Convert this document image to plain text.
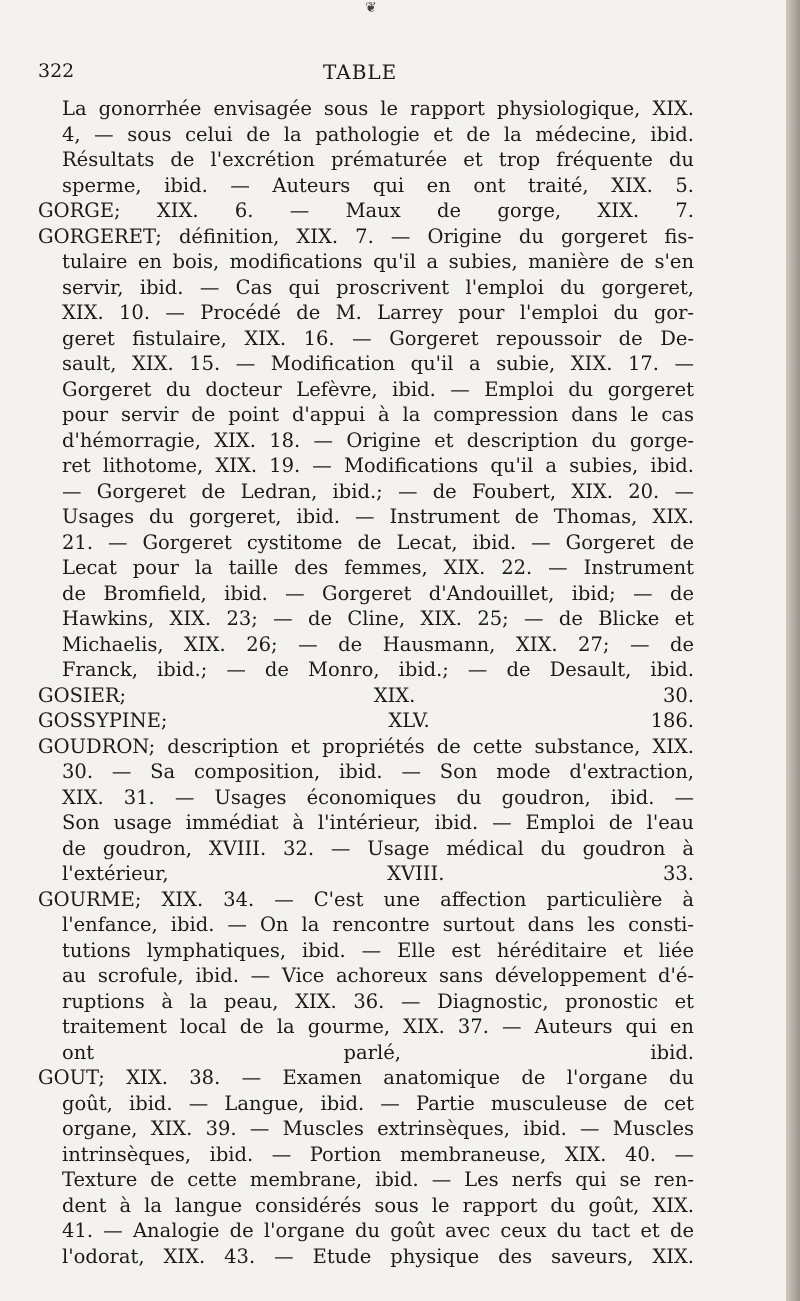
❦
322	TABLE
La gonorrhée envisagée sous le rapport physiologique, XIX.
4, — sous celui de la pathologie et de la médecine, ibid.
Résultats de l'excrétion prématurée et trop fréquente du
sperme, ibid. — Auteurs qui en ont traité, XIX. 5.
GORGE; XIX. 6. — Maux de gorge, XIX. 7.
GORGERET; définition, XIX. 7. — Origine du gorgeret fis-
tulaire en bois, modifications qu'il a subies, manière de s'en
servir, ibid. — Cas qui proscrivent l'emploi du gorgeret,
XIX. 10. — Procédé de M. Larrey pour l'emploi du gor-
geret fistulaire, XIX. 16. — Gorgeret repoussoir de De-
sault, XIX. 15. — Modification qu'il a subie, XIX. 17. —
Gorgeret du docteur Lefèvre, ibid. — Emploi du gorgeret
pour servir de point d'appui à la compression dans le cas
d'hémorragie, XIX. 18. — Origine et description du gorge-
ret lithotome, XIX. 19. — Modifications qu'il a subies, ibid.
— Gorgeret de Ledran, ibid.; — de Foubert, XIX. 20. —
Usages du gorgeret, ibid. — Instrument de Thomas, XIX.
21. — Gorgeret cystitome de Lecat, ibid. — Gorgeret de
Lecat pour la taille des femmes, XIX. 22. — Instrument
de Bromfield, ibid. — Gorgeret d'Andouillet, ibid; — de
Hawkins, XIX. 23; — de Cline, XIX. 25; — de Blicke et
Michaelis, XIX. 26; — de Hausmann, XIX. 27; — de
Franck, ibid.; — de Monro, ibid.; — de Desault, ibid.
GOSIER; XIX. 30.
GOSSYPINE; XLV. 186.
GOUDRON; description et propriétés de cette substance, XIX.
30. — Sa composition, ibid. — Son mode d'extraction,
XIX. 31. — Usages économiques du goudron, ibid. —
Son usage immédiat à l'intérieur, ibid. — Emploi de l'eau
de goudron, XVIII. 32. — Usage médical du goudron à
l'extérieur, XVIII. 33.
GOURME; XIX. 34. — C'est une affection particulière à
l'enfance, ibid. — On la rencontre surtout dans les consti-
tutions lymphatiques, ibid. — Elle est héréditaire et liée
au scrofule, ibid. — Vice achoreux sans développement d'é-
ruptions à la peau, XIX. 36. — Diagnostic, pronostic et
traitement local de la gourme, XIX. 37. — Auteurs qui en
ont parlé, ibid.
GOUT; XIX. 38. — Examen anatomique de l'organe du
goût, ibid. — Langue, ibid. — Partie musculeuse de cet
organe, XIX. 39. — Muscles extrinsèques, ibid. — Muscles
intrinsèques, ibid. — Portion membraneuse, XIX. 40. —
Texture de cette membrane, ibid. — Les nerfs qui se ren-
dent à la langue considérés sous le rapport du goût, XIX.
41. — Analogie de l'organe du goût avec ceux du tact et de
l'odorat, XIX. 43. — Etude physique des saveurs, XIX.
